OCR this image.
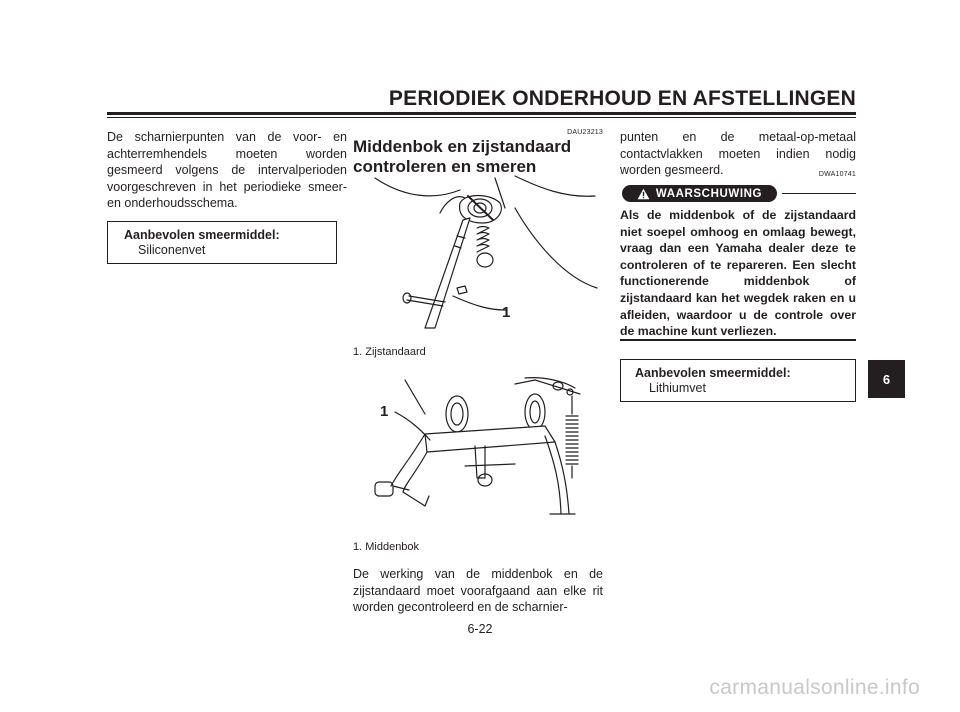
PERIODIEK ONDERHOUD EN AFSTELLINGEN
De scharnierpunten van de voor- en achterremhendels moeten worden gesmeerd volgens de intervalperioden voorgeschreven in het periodieke smeer- en onderhoudsschema.
Aanbevolen smeermiddel:
Siliconenvet
DAU23213
Middenbok en zijstandaard controleren en smeren
1
1. Zijstandaard
1
1. Middenbok
De werking van de middenbok en de zijstandaard moet voorafgaand aan elke rit worden gecontroleerd en de scharnier-
punten en de metaal-op-metaal contactvlakken moeten indien nodig worden gesmeerd.	DWA10741
WAARSCHUWING
Als de middenbok of de zijstandaard niet soepel omhoog en omlaag bewegt, vraag dan een Yamaha dealer deze te controleren of te repareren. Een slecht functionerende middenbok of zijstandaard kan het wegdek raken en u afleiden, waardoor u de controle over de machine kunt verliezen.
Aanbevolen smeermiddel:
Lithiumvet
6
6-22
carmanualsonline.info
